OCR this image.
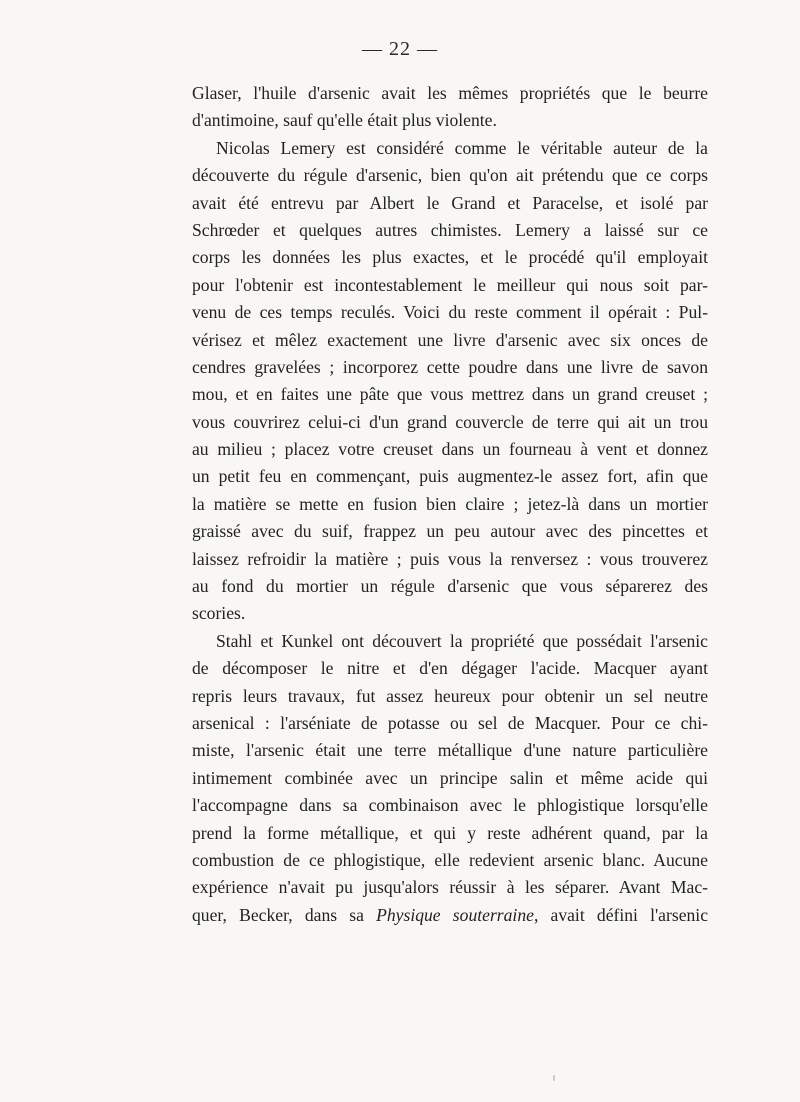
— 22 —
Glaser, l'huile d'arsenic avait les mêmes propriétés que le beurre
d'antimoine, sauf qu'elle était plus violente.
Nicolas Lemery est considéré comme le véritable auteur de la
découverte du régule d'arsenic, bien qu'on ait prétendu que ce corps
avait été entrevu par Albert le Grand et Paracelse, et isolé par
Schrœder et quelques autres chimistes. Lemery a laissé sur ce
corps les données les plus exactes, et le procédé qu'il employait
pour l'obtenir est incontestablement le meilleur qui nous soit par-
venu de ces temps reculés. Voici du reste comment il opérait : Pul-
vérisez et mêlez exactement une livre d'arsenic avec six onces de
cendres gravelées ; incorporez cette poudre dans une livre de savon
mou, et en faites une pâte que vous mettrez dans un grand creuset ;
vous couvrirez celui-ci d'un grand couvercle de terre qui ait un trou
au milieu ; placez votre creuset dans un fourneau à vent et donnez
un petit feu en commençant, puis augmentez-le assez fort, afin que
la matière se mette en fusion bien claire ; jetez-là dans un mortier
graissé avec du suif, frappez un peu autour avec des pincettes et
laissez refroidir la matière ; puis vous la renversez : vous trouverez
au fond du mortier un régule d'arsenic que vous séparerez des
scories.
Stahl et Kunkel ont découvert la propriété que possédait l'arsenic
de décomposer le nitre et d'en dégager l'acide. Macquer ayant
repris leurs travaux, fut assez heureux pour obtenir un sel neutre
arsenical : l'arséniate de potasse ou sel de Macquer. Pour ce chi-
miste, l'arsenic était une terre métallique d'une nature particulière
intimement combinée avec un principe salin et même acide qui
l'accompagne dans sa combinaison avec le phlogistique lorsqu'elle
prend la forme métallique, et qui y reste adhérent quand, par la
combustion de ce phlogistique, elle redevient arsenic blanc. Aucune
expérience n'avait pu jusqu'alors réussir à les séparer. Avant Mac-
quer, Becker, dans sa Physique souterraine, avait défini l'arsenic
